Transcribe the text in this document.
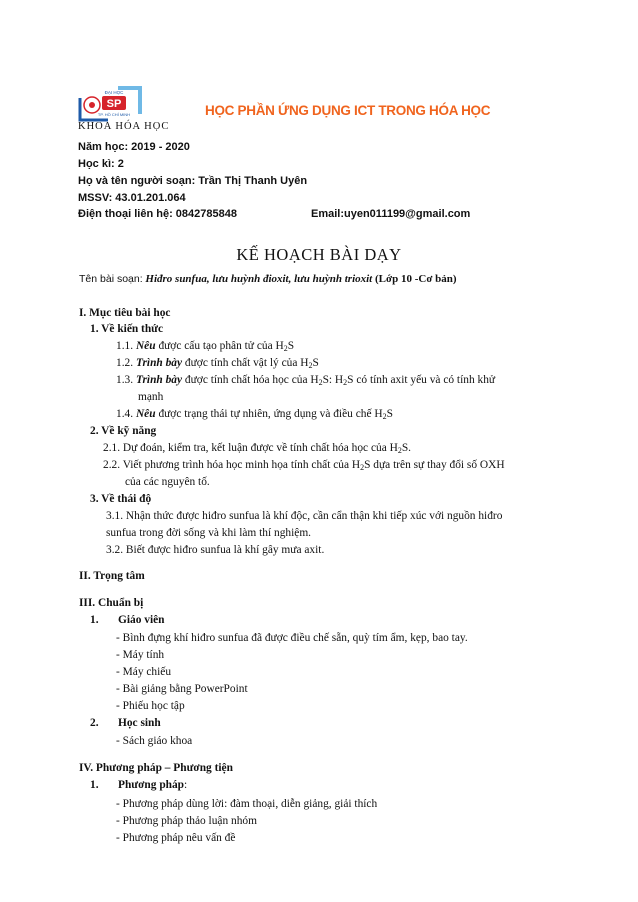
SP
ĐẠI HỌC
TP. HỒ CHÍ MINH
KHOA HÓA HỌC
HỌC PHẦN ỨNG DỤNG ICT TRONG HÓA HỌC
Năm học: 2019 - 2020
Học kì: 2
Họ và tên người soạn: Trần Thị Thanh Uyên
MSSV: 43.01.201.064
Điện thoại liên hệ: 0842785848	Email:uyen011199@gmail.com
KẾ HOẠCH BÀI DẠY
Tên bài soạn: Hiđro sunfua, lưu huỳnh đioxit, lưu huỳnh trioxit (Lớp 10 -Cơ bản)
I. Mục tiêu bài học
1. Về kiến thức
1.1. Nêu được cấu tạo phân tử của $H_2S$
1.2. Trình bày được tính chất vật lý của $H_2S$
1.3. Trình bày được tính chất hóa học của $H_2S$: $H_2S$ có tính axit yếu và có tính khử
mạnh
1.4. Nêu được trạng thái tự nhiên, ứng dụng và điều chế $H_2S$
2. Về kỹ năng
2.1. Dự đoán, kiểm tra, kết luận được về tính chất hóa học của $H_2S$.
2.2. Viết phương trình hóa học minh họa tính chất của $H_2S$ dựa trên sự thay đổi số OXH
của các nguyên tố.
3. Về thái độ
3.1. Nhận thức được hiđro sunfua là khí độc, cần cẩn thận khi tiếp xúc với nguồn hiđro
sunfua trong đời sống và khi làm thí nghiệm.
3.2. Biết được hiđro sunfua là khí gây mưa axit.
II. Trọng tâm
III. Chuẩn bị
1. Giáo viên
- Bình đựng khí hiđro sunfua đã được điều chế sẵn, quỳ tím ẩm, kẹp, bao tay.
- Máy tính
- Máy chiếu
- Bài giảng bằng PowerPoint
- Phiếu học tập
2. Học sinh
- Sách giáo khoa
IV. Phương pháp – Phương tiện
1. Phương pháp:
- Phương pháp dùng lời: đàm thoại, diễn giảng, giải thích
- Phương pháp thảo luận nhóm
- Phương pháp nêu vấn đề
